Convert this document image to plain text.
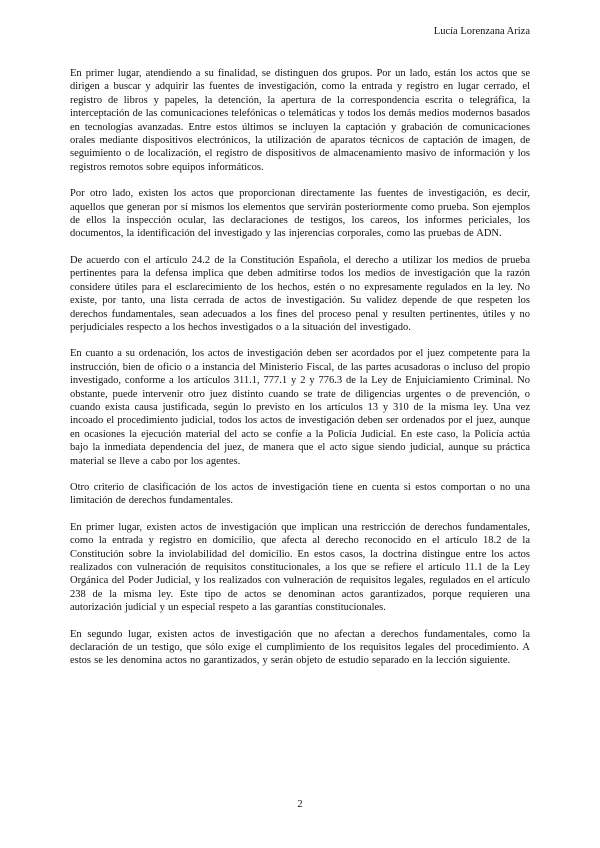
Lucía Lorenzana Ariza

En primer lugar, atendiendo a su finalidad, se distinguen dos grupos. Por un lado, están los actos que se dirigen a buscar y adquirir las fuentes de investigación, como la entrada y registro en lugar cerrado, el registro de libros y papeles, la detención, la apertura de la correspondencia escrita o telegráfica, la interceptación de las comunicaciones telefónicas o telemáticas y todos los demás medios modernos basados en tecnologías avanzadas. Entre estos últimos se incluyen la captación y grabación de comunicaciones orales mediante dispositivos electrónicos, la utilización de aparatos técnicos de captación de imagen, de seguimiento o de localización, el registro de dispositivos de almacenamiento masivo de información y los registros remotos sobre equipos informáticos.

Por otro lado, existen los actos que proporcionan directamente las fuentes de investigación, es decir, aquellos que generan por sí mismos los elementos que servirán posteriormente como prueba. Son ejemplos de ellos la inspección ocular, las declaraciones de testigos, los careos, los informes periciales, los documentos, la identificación del investigado y las injerencias corporales, como las pruebas de ADN.

De acuerdo con el artículo 24.2 de la Constitución Española, el derecho a utilizar los medios de prueba pertinentes para la defensa implica que deben admitirse todos los medios de investigación que la razón considere útiles para el esclarecimiento de los hechos, estén o no expresamente regulados en la ley. No existe, por tanto, una lista cerrada de actos de investigación. Su validez depende de que respeten los derechos fundamentales, sean adecuados a los fines del proceso penal y resulten pertinentes, útiles y no perjudiciales respecto a los hechos investigados o a la situación del investigado.

En cuanto a su ordenación, los actos de investigación deben ser acordados por el juez competente para la instrucción, bien de oficio o a instancia del Ministerio Fiscal, de las partes acusadoras o incluso del propio investigado, conforme a los artículos 311.1, 777.1 y 2 y 776.3 de la Ley de Enjuiciamiento Criminal. No obstante, puede intervenir otro juez distinto cuando se trate de diligencias urgentes o de prevención, o cuando exista causa justificada, según lo previsto en los artículos 13 y 310 de la misma ley. Una vez incoado el procedimiento judicial, todos los actos de investigación deben ser ordenados por el juez, aunque en ocasiones la ejecución material del acto se confíe a la Policía Judicial. En este caso, la Policía actúa bajo la inmediata dependencia del juez, de manera que el acto sigue siendo judicial, aunque su práctica material se lleve a cabo por los agentes.

Otro criterio de clasificación de los actos de investigación tiene en cuenta si estos comportan o no una limitación de derechos fundamentales.

En primer lugar, existen actos de investigación que implican una restricción de derechos fundamentales, como la entrada y registro en domicilio, que afecta al derecho reconocido en el artículo 18.2 de la Constitución sobre la inviolabilidad del domicilio. En estos casos, la doctrina distingue entre los actos realizados con vulneración de requisitos constitucionales, a los que se refiere el artículo 11.1 de la Ley Orgánica del Poder Judicial, y los realizados con vulneración de requisitos legales, regulados en el artículo 238 de la misma ley. Este tipo de actos se denominan actos garantizados, porque requieren una autorización judicial y un especial respeto a las garantías constitucionales.

En segundo lugar, existen actos de investigación que no afectan a derechos fundamentales, como la declaración de un testigo, que sólo exige el cumplimiento de los requisitos legales del procedimiento. A estos se les denomina actos no garantizados, y serán objeto de estudio separado en la lección siguiente.

2
